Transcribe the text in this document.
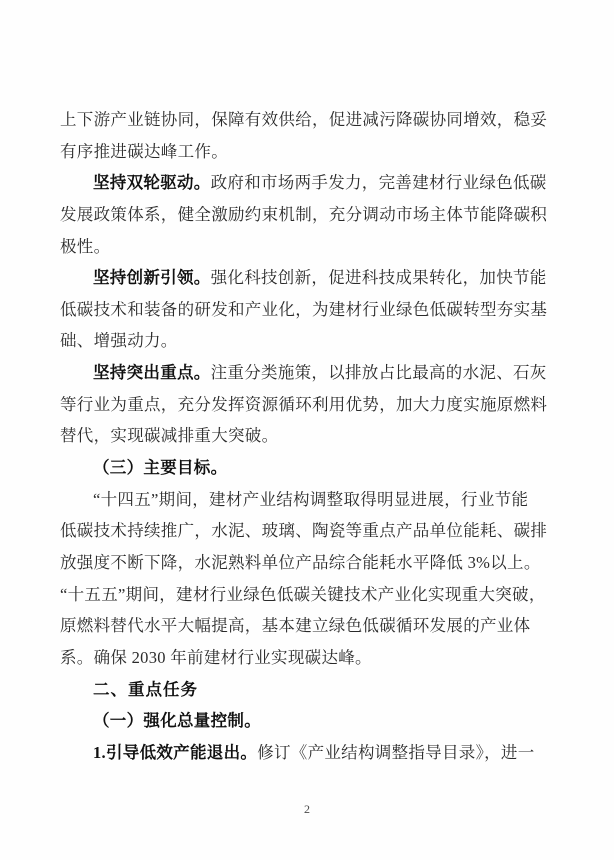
上下游产业链协同，保障有效供给，促进减污降碳协同增效，稳妥
有序推进碳达峰工作。
坚持双轮驱动。政府和市场两手发力，完善建材行业绿色低碳
发展政策体系，健全激励约束机制，充分调动市场主体节能降碳积
极性。
坚持创新引领。强化科技创新，促进科技成果转化，加快节能
低碳技术和装备的研发和产业化，为建材行业绿色低碳转型夯实基
础、增强动力。
坚持突出重点。注重分类施策，以排放占比最高的水泥、石灰
等行业为重点，充分发挥资源循环利用优势，加大力度实施原燃料
替代，实现碳减排重大突破。
（三）主要目标。
“十四五”期间，建材产业结构调整取得明显进展，行业节能
低碳技术持续推广，水泥、玻璃、陶瓷等重点产品单位能耗、碳排
放强度不断下降，水泥熟料单位产品综合能耗水平降低 3%以上。
“十五五”期间，建材行业绿色低碳关键技术产业化实现重大突破，
原燃料替代水平大幅提高，基本建立绿色低碳循环发展的产业体
系。确保 2030 年前建材行业实现碳达峰。
二、重点任务
（一）强化总量控制。
1.引导低效产能退出。修订《产业结构调整指导目录》，进一
2
